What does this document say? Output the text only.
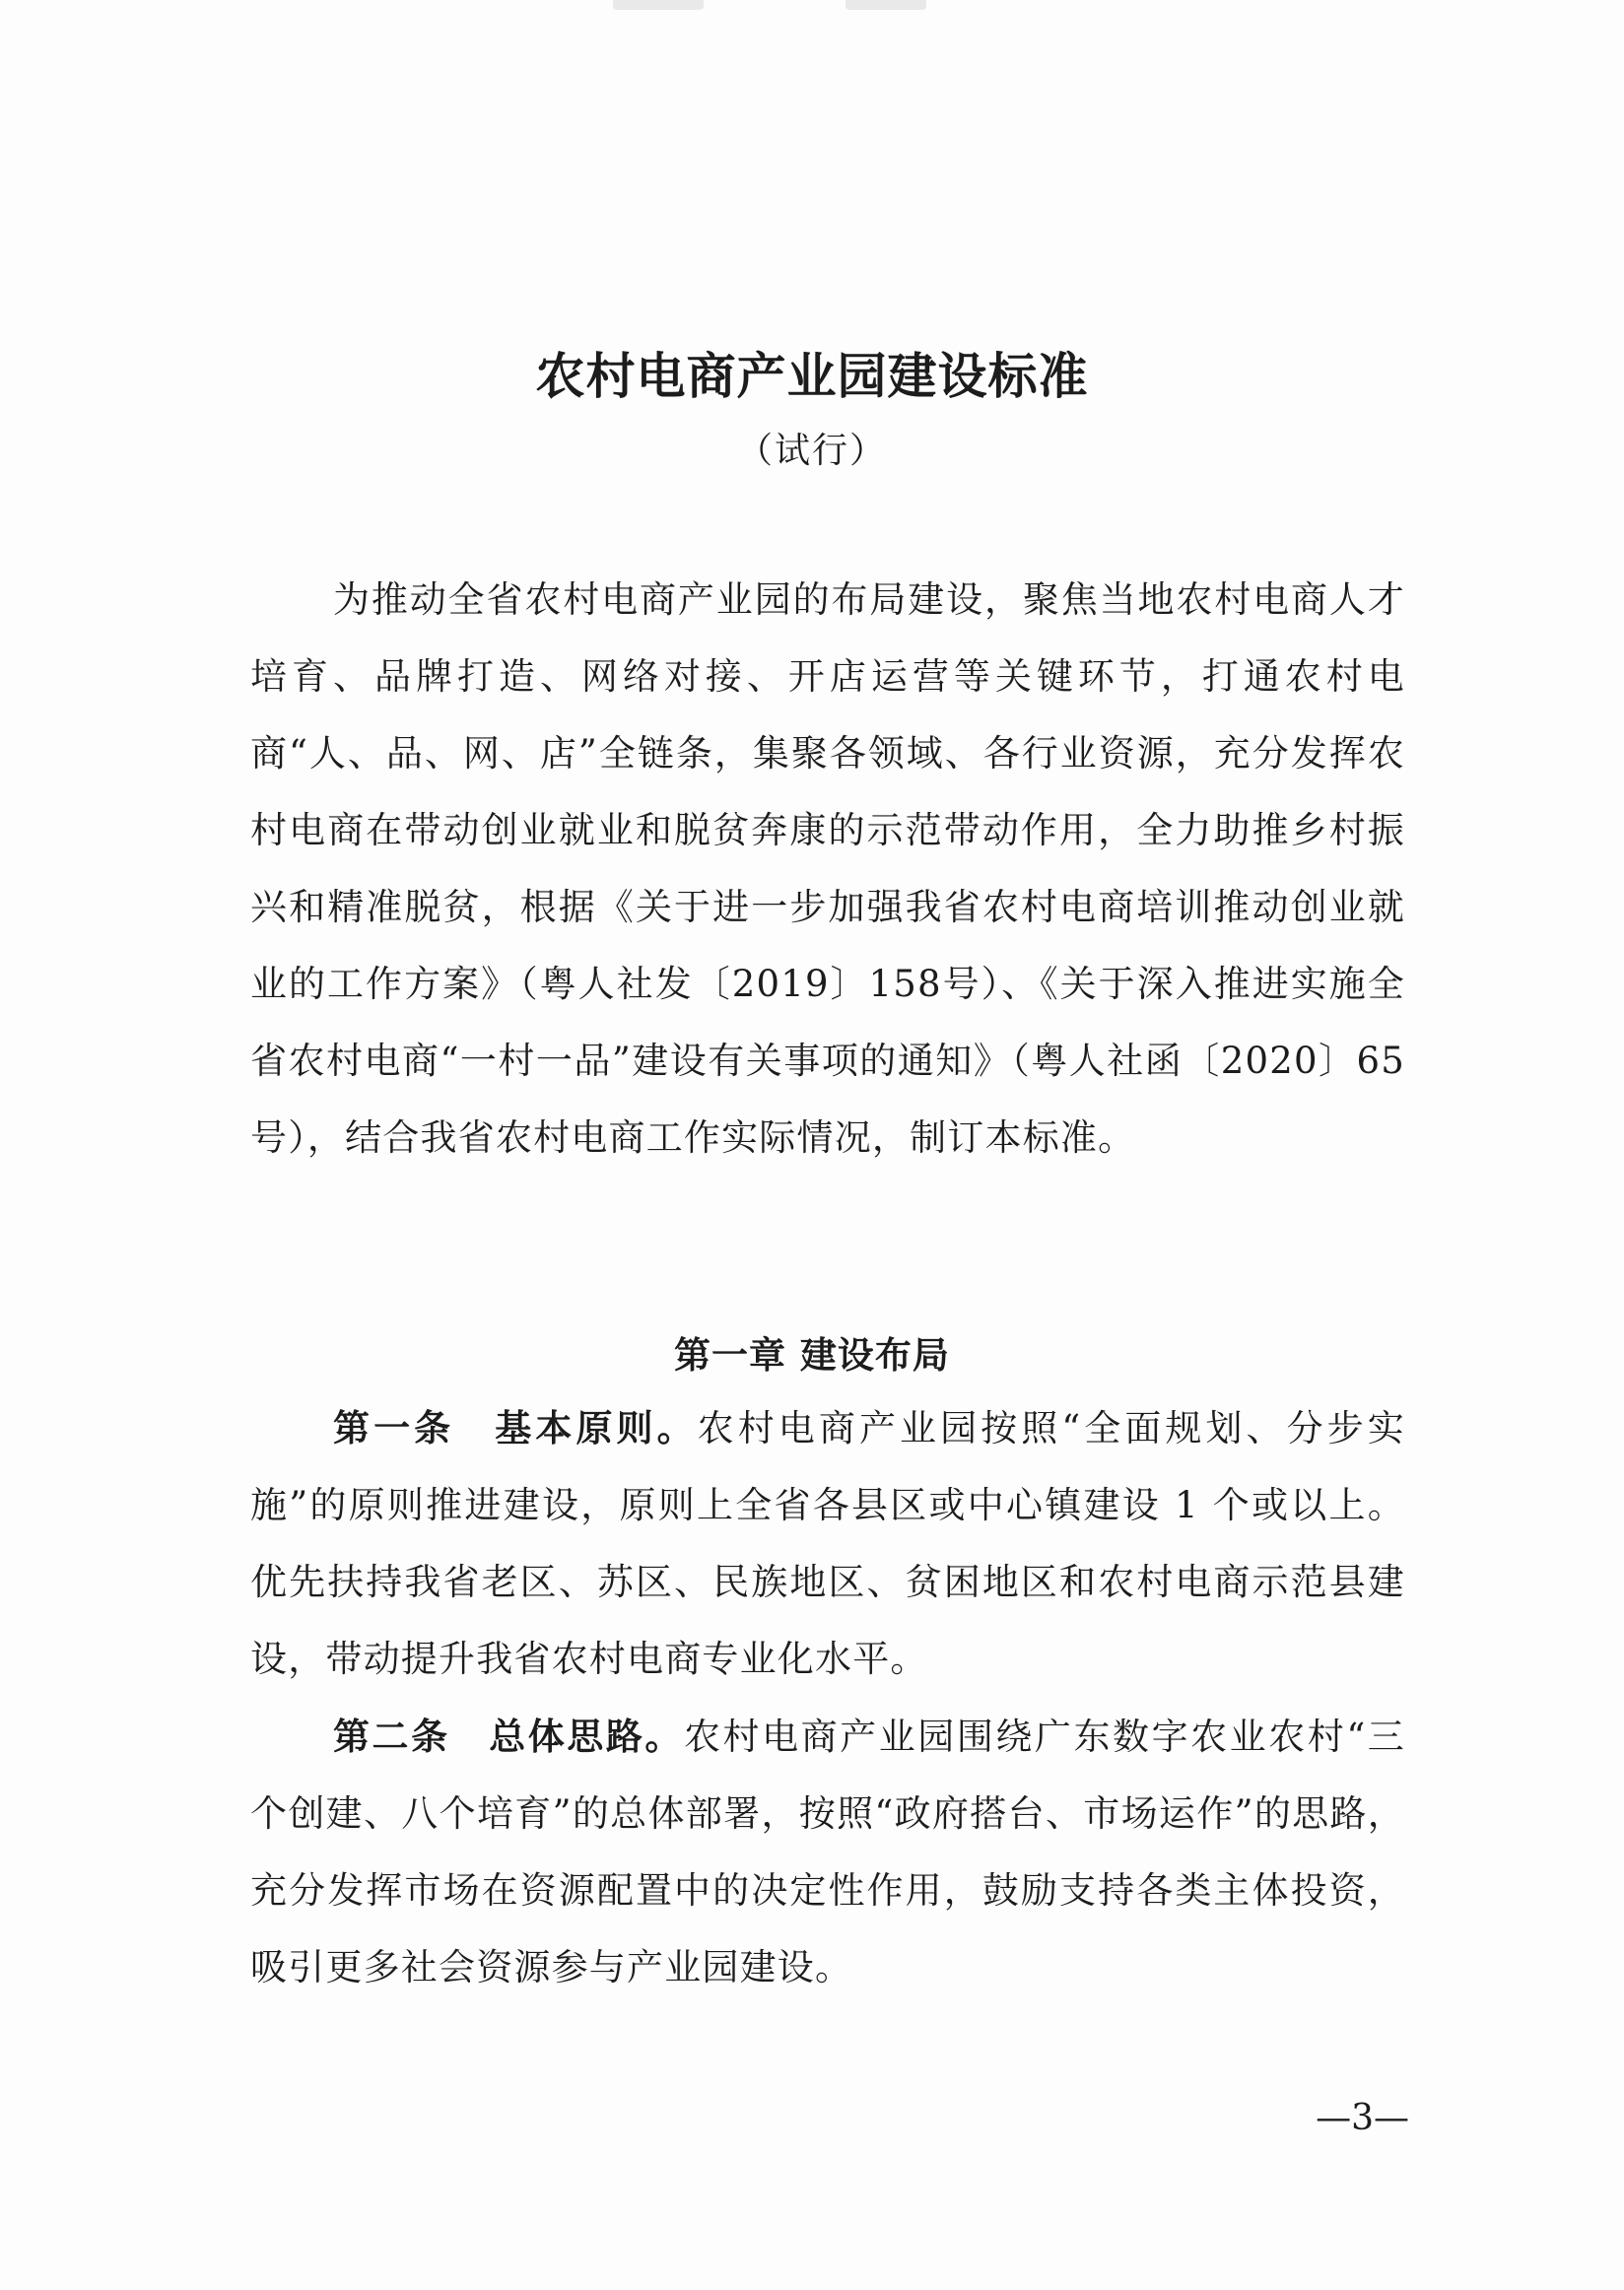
农村电商产业园建设标准

（试行）

为推动全省农村电商产业园的布局建设，聚焦当地农村电商人才培育、品牌打造、网络对接、开店运营等关键环节，打通农村电商“人、品、网、店”全链条，集聚各领域、各行业资源，充分发挥农村电商在带动创业就业和脱贫奔康的示范带动作用，全力助推乡村振兴和精准脱贫，根据《关于进一步加强我省农村电商培训推动创业就业的工作方案》（粤人社发〔2019〕158号）、《关于深入推进实施全省农村电商“一村一品”建设有关事项的通知》（粤人社函〔2020〕65号），结合我省农村电商工作实际情况，制订本标准。

第一章 建设布局

第一条  基本原则。农村电商产业园按照“全面规划、分步实施”的原则推进建设，原则上全省各县区或中心镇建设 1 个或以上。优先扶持我省老区、苏区、民族地区、贫困地区和农村电商示范县建设，带动提升我省农村电商专业化水平。

第二条  总体思路。农村电商产业园围绕广东数字农业农村“三个创建、八个培育”的总体部署，按照“政府搭台、市场运作”的思路，充分发挥市场在资源配置中的决定性作用，鼓励支持各类主体投资，吸引更多社会资源参与产业园建设。

—3—
